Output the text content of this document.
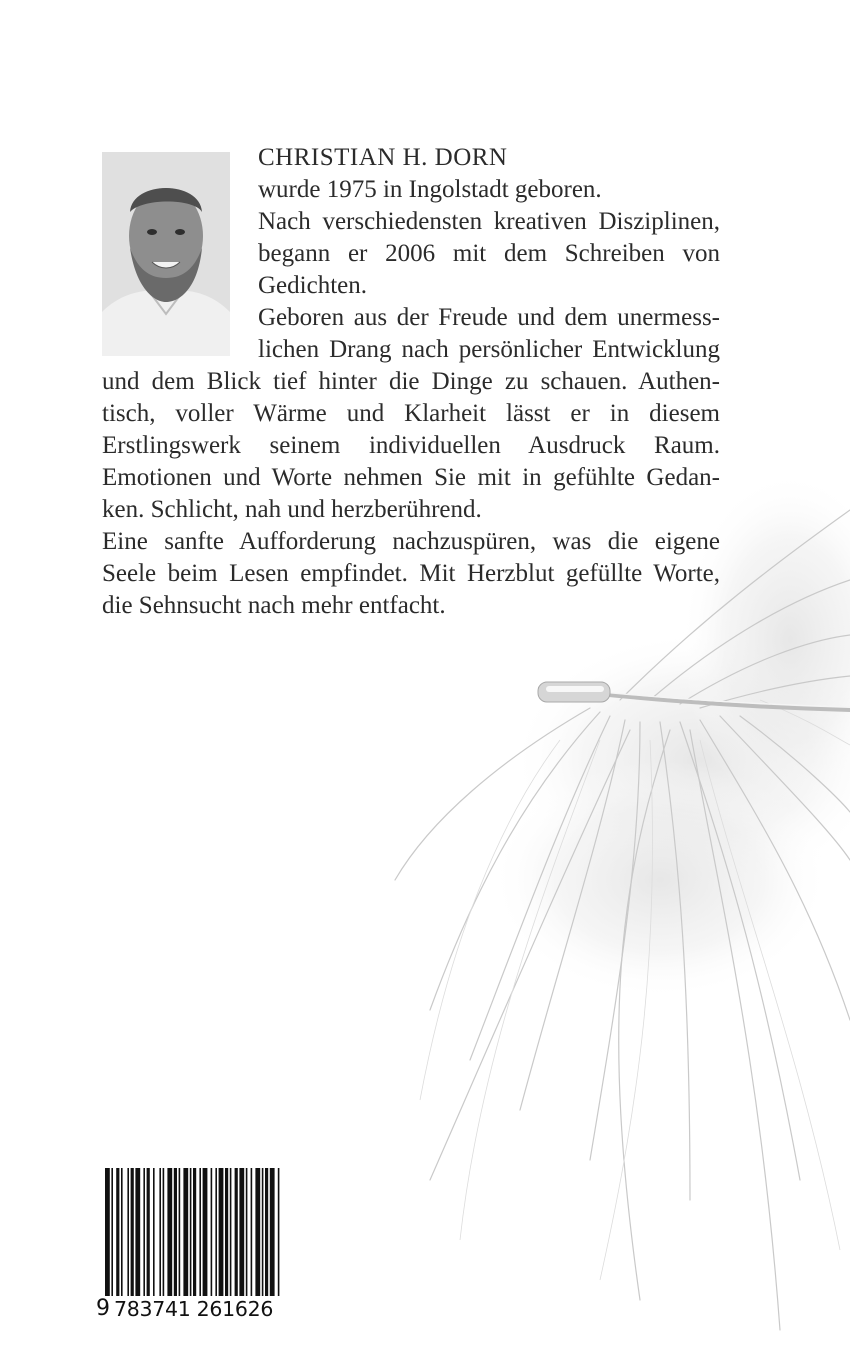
CHRISTIAN H. DORN

wurde 1975 in Ingolstadt geboren.

Nach verschiedensten kreativen Disziplinen,
begann er 2006 mit dem Schreiben von
Gedichten.

Geboren aus der Freude und dem unermess-
lichen Drang nach persönlicher Entwicklung
und dem Blick tief hinter die Dinge zu schauen. Authen-
tisch, voller Wärme und Klarheit lässt er in diesem
Erstlingswerk seinem individuellen Ausdruck Raum.
Emotionen und Worte nehmen Sie mit in gefühlte Gedan-
ken. Schlicht, nah und herzberührend.

Eine sanfte Aufforderung nachzuspüren, was die eigene
Seele beim Lesen empfindet. Mit Herzblut gefüllte Worte,
die Sehnsucht nach mehr entfacht.

9 783741 261626
